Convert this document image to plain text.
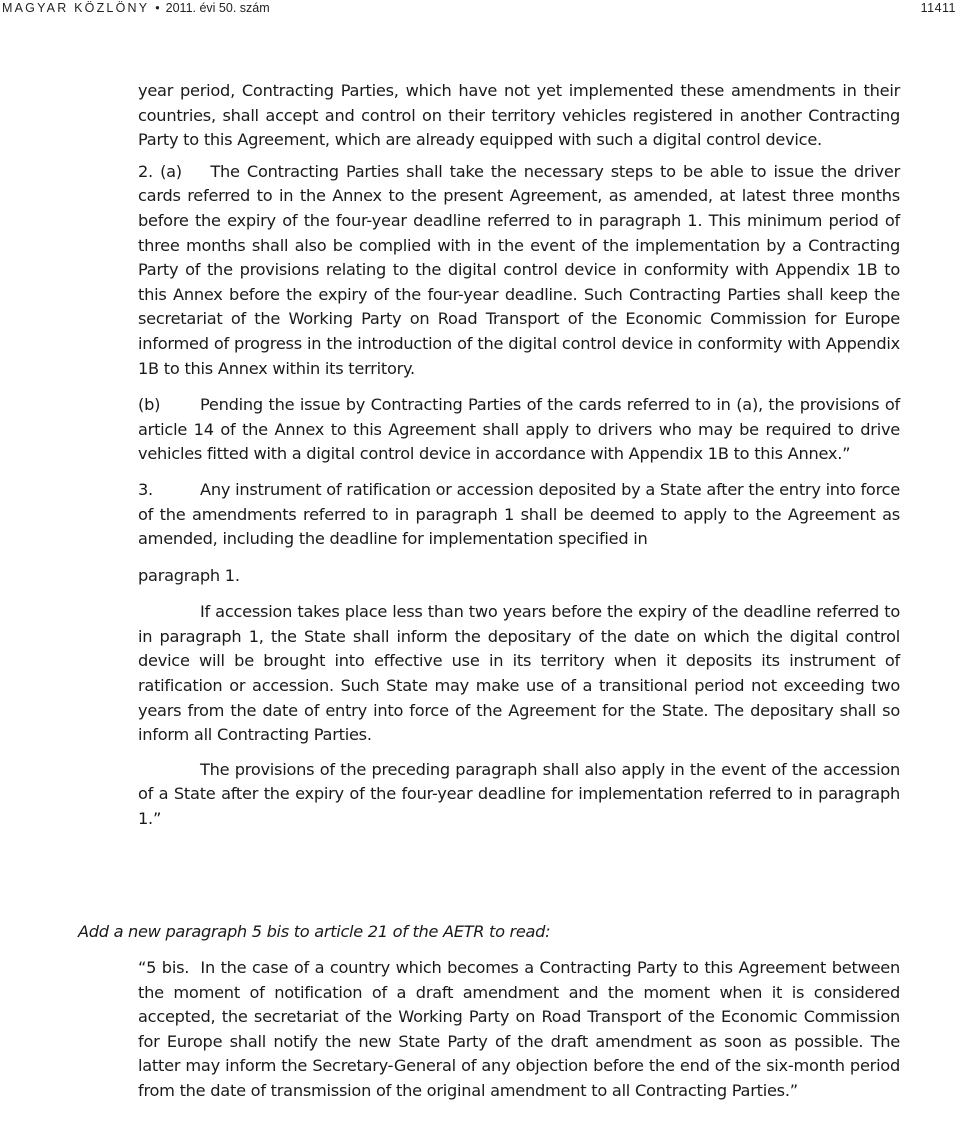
MAGYAR KÖZLÖNY • 2011. évi 50. szám	11411

year period, Contracting Parties, which have not yet implemented these amendments in their countries, shall accept and control on their territory vehicles registered in another Contracting Party to this Agreement, which are already equipped with such a digital control device.

2. (a) The Contracting Parties shall take the necessary steps to be able to issue the driver cards referred to in the Annex to the present Agreement, as amended, at latest three months before the expiry of the four-year deadline referred to in paragraph 1. This minimum period of three months shall also be complied with in the event of the implementation by a Contracting Party of the provisions relating to the digital control device in conformity with Appendix 1B to this Annex before the expiry of the four-year deadline. Such Contracting Parties shall keep the secretariat of the Working Party on Road Transport of the Economic Commission for Europe informed of progress in the introduction of the digital control device in conformity with Appendix 1B to this Annex within its territory.

(b) Pending the issue by Contracting Parties of the cards referred to in (a), the provisions of article 14 of the Annex to this Agreement shall apply to drivers who may be required to drive vehicles fitted with a digital control device in accordance with Appendix 1B to this Annex.”

3.	Any instrument of ratification or accession deposited by a State after the entry into force of the amendments referred to in paragraph 1 shall be deemed to apply to the Agreement as amended, including the deadline for implementation specified in

paragraph 1.

If accession takes place less than two years before the expiry of the deadline referred to in paragraph 1, the State shall inform the depositary of the date on which the digital control device will be brought into effective use in its territory when it deposits its instrument of ratification or accession. Such State may make use of a transitional period not exceeding two years from the date of entry into force of the Agreement for the State. The depositary shall so inform all Contracting Parties.

The provisions of the preceding paragraph shall also apply in the event of the accession of a State after the expiry of the four-year deadline for implementation referred to in paragraph 1.”

Add a new paragraph 5 bis to article 21 of the AETR to read:

“5 bis. In the case of a country which becomes a Contracting Party to this Agreement between the moment of notification of a draft amendment and the moment when it is considered accepted, the secretariat of the Working Party on Road Transport of the Economic Commission for Europe shall notify the new State Party of the draft amendment as soon as possible. The latter may inform the Secretary-General of any objection before the end of the six-month period from the date of transmission of the original amendment to all Contracting Parties.”
